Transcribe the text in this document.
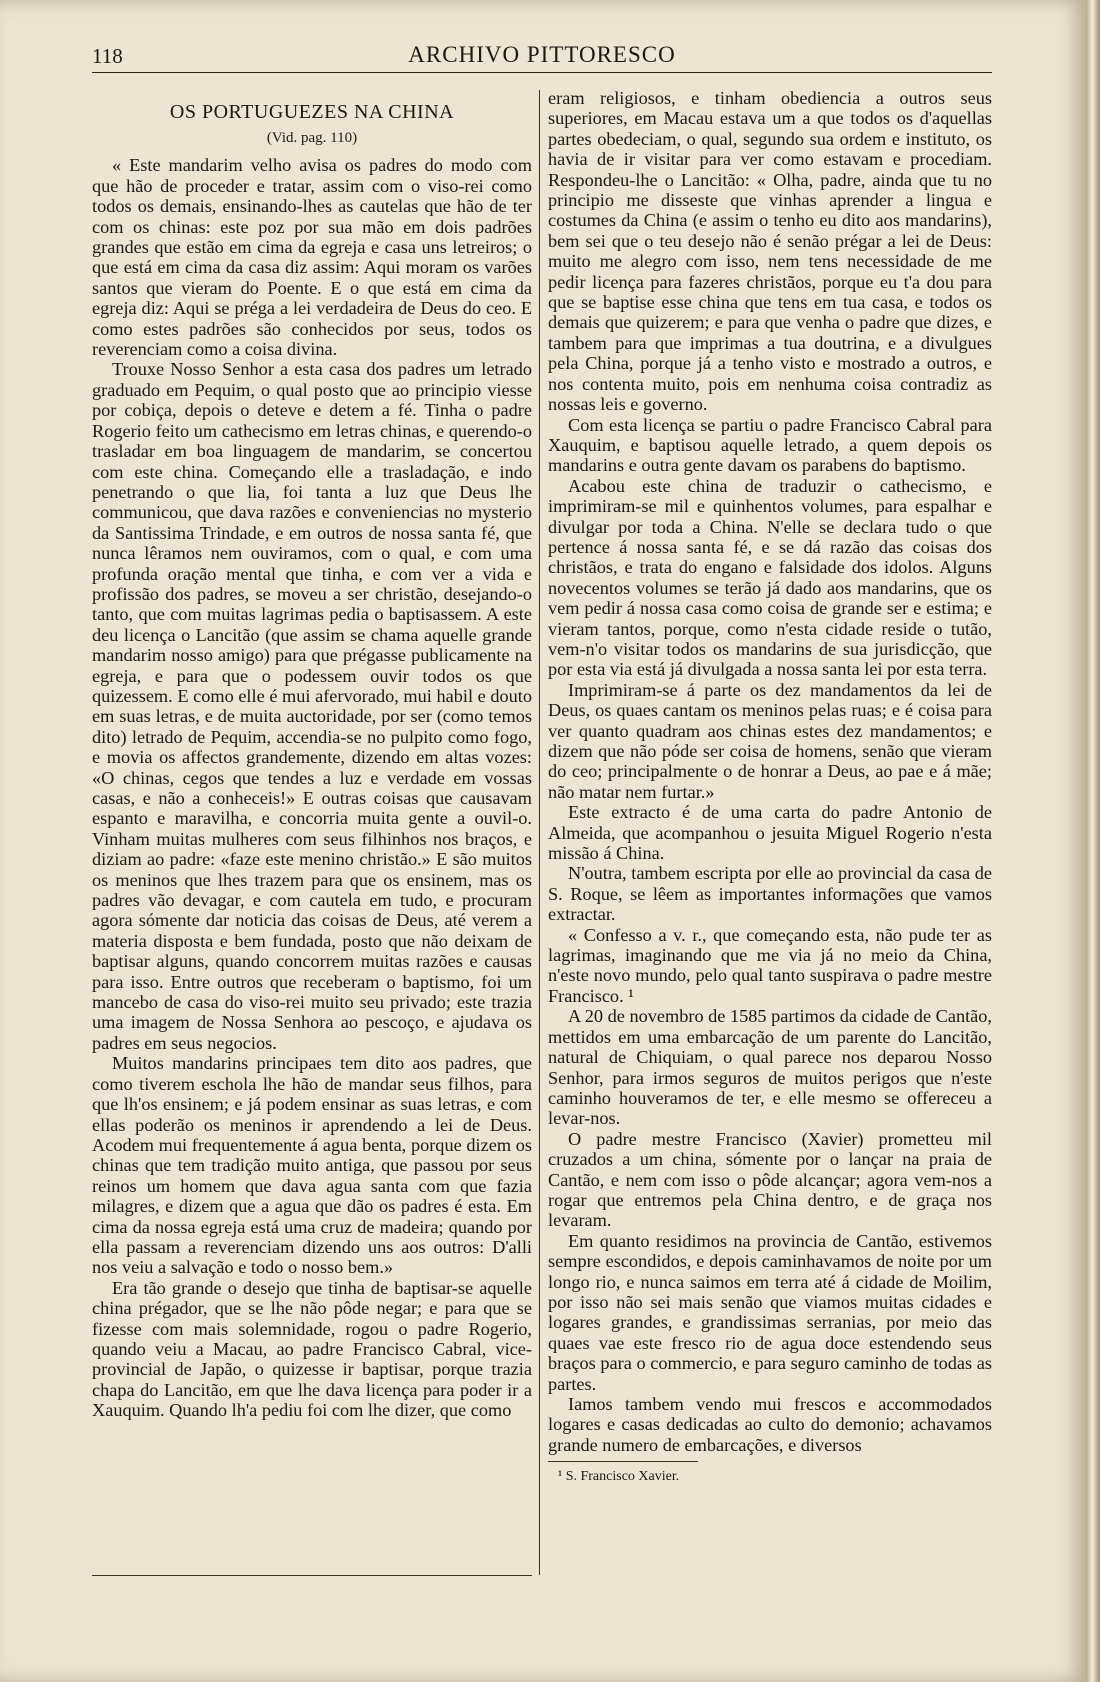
118	ARCHIVO PITTORESCO
OS PORTUGUEZES NA CHINA
(Vid. pag. 110)

« Este mandarim velho avisa os padres do modo com que hão de proceder e tratar, assim com o viso-rei como todos os demais, ensinando-lhes as cautelas que hão de ter com os chinas: este poz por sua mão em dois padrões grandes que estão em cima da egreja e casa uns letreiros; o que está em cima da casa diz assim: Aqui moram os varões santos que vieram do Poente. E o que está em cima da egreja diz: Aqui se préga a lei verdadeira de Deus do ceo. E como estes padrões são conhecidos por seus, todos os reverenciam como a coisa divina.

Trouxe Nosso Senhor a esta casa dos padres um letrado graduado em Pequim, o qual posto que ao principio viesse por cobiça, depois o deteve e detem a fé. Tinha o padre Rogerio feito um cathecismo em letras chinas, e querendo-o trasladar em boa linguagem de mandarim, se concertou com este china. Começando elle a trasladação, e indo penetrando o que lia, foi tanta a luz que Deus lhe communicou, que dava razões e conveniencias no mysterio da Santissima Trindade, e em outros de nossa santa fé, que nunca lêramos nem ouviramos, com o qual, e com uma profunda oração mental que tinha, e com ver a vida e profissão dos padres, se moveu a ser christão, desejando-o tanto, que com muitas lagrimas pedia o baptisassem. A este deu licença o Lancitão (que assim se chama aquelle grande mandarim nosso amigo) para que prégasse publicamente na egreja, e para que o podessem ouvir todos os que quizessem. E como elle é mui afervorado, mui habil e douto em suas letras, e de muita auctoridade, por ser (como temos dito) letrado de Pequim, accendia-se no pulpito como fogo, e movia os affectos grandemente, dizendo em altas vozes: «O chinas, cegos que tendes a luz e verdade em vossas casas, e não a conheceis!» E outras coisas que causavam espanto e maravilha, e concorria muita gente a ouvil-o. Vinham muitas mulheres com seus filhinhos nos braços, e diziam ao padre: «faze este menino christão.» E são muitos os meninos que lhes trazem para que os ensinem, mas os padres vão devagar, e com cautela em tudo, e procuram agora sómente dar noticia das coisas de Deus, até verem a materia disposta e bem fundada, posto que não deixam de baptisar alguns, quando concorrem muitas razões e causas para isso. Entre outros que receberam o baptismo, foi um mancebo de casa do viso-rei muito seu privado; este trazia uma imagem de Nossa Senhora ao pescoço, e ajudava os padres em seus negocios.

Muitos mandarins principaes tem dito aos padres, que como tiverem eschola lhe hão de mandar seus filhos, para que lh'os ensinem; e já podem ensinar as suas letras, e com ellas poderão os meninos ir aprendendo a lei de Deus. Acodem mui frequentemente á agua benta, porque dizem os chinas que tem tradição muito antiga, que passou por seus reinos um homem que dava agua santa com que fazia milagres, e dizem que a agua que dão os padres é esta. Em cima da nossa egreja está uma cruz de madeira; quando por ella passam a reverenciam dizendo uns aos outros: D'alli nos veiu a salvação e todo o nosso bem.»

Era tão grande o desejo que tinha de baptisar-se aquelle china prégador, que se lhe não pôde negar; e para que se fizesse com mais solemnidade, rogou o padre Rogerio, quando veiu a Macau, ao padre Francisco Cabral, vice-provincial de Japão, o quizesse ir baptisar, porque trazia chapa do Lancitão, em que lhe dava licença para poder ir a Xauquim. Quando lh'a pediu foi com lhe dizer, que como

eram religiosos, e tinham obediencia a outros seus superiores, em Macau estava um a que todos os d'aquellas partes obedeciam, o qual, segundo sua ordem e instituto, os havia de ir visitar para ver como estavam e procediam. Respondeu-lhe o Lancitão: « Olha, padre, ainda que tu no principio me disseste que vinhas aprender a lingua e costumes da China (e assim o tenho eu dito aos mandarins), bem sei que o teu desejo não é senão prégar a lei de Deus: muito me alegro com isso, nem tens necessidade de me pedir licença para fazeres christãos, porque eu t'a dou para que se baptise esse china que tens em tua casa, e todos os demais que quizerem; e para que venha o padre que dizes, e tambem para que imprimas a tua doutrina, e a divulgues pela China, porque já a tenho visto e mostrado a outros, e nos contenta muito, pois em nenhuma coisa contradiz as nossas leis e governo.

Com esta licença se partiu o padre Francisco Cabral para Xauquim, e baptisou aquelle letrado, a quem depois os mandarins e outra gente davam os parabens do baptismo.

Acabou este china de traduzir o cathecismo, e imprimiram-se mil e quinhentos volumes, para espalhar e divulgar por toda a China. N'elle se declara tudo o que pertence á nossa santa fé, e se dá razão das coisas dos christãos, e trata do engano e falsidade dos idolos. Alguns novecentos volumes se terão já dado aos mandarins, que os vem pedir á nossa casa como coisa de grande ser e estima; e vieram tantos, porque, como n'esta cidade reside o tutão, vem-n'o visitar todos os mandarins de sua jurisdicção, que por esta via está já divulgada a nossa santa lei por esta terra.

Imprimiram-se á parte os dez mandamentos da lei de Deus, os quaes cantam os meninos pelas ruas; e é coisa para ver quanto quadram aos chinas estes dez mandamentos; e dizem que não póde ser coisa de homens, senão que vieram do ceo; principalmente o de honrar a Deus, ao pae e á mãe; não matar nem furtar.»

Este extracto é de uma carta do padre Antonio de Almeida, que acompanhou o jesuita Miguel Rogerio n'esta missão á China.

N'outra, tambem escripta por elle ao provincial da casa de S. Roque, se lêem as importantes informações que vamos extractar.

« Confesso a v. r., que começando esta, não pude ter as lagrimas, imaginando que me via já no meio da China, n'este novo mundo, pelo qual tanto suspirava o padre mestre Francisco. ¹

A 20 de novembro de 1585 partimos da cidade de Cantão, mettidos em uma embarcação de um parente do Lancitão, natural de Chiquiam, o qual parece nos deparou Nosso Senhor, para irmos seguros de muitos perigos que n'este caminho houveramos de ter, e elle mesmo se offereceu a levar-nos.

O padre mestre Francisco (Xavier) prometteu mil cruzados a um china, sómente por o lançar na praia de Cantão, e nem com isso o pôde alcançar; agora vem-nos a rogar que entremos pela China dentro, e de graça nos levaram.

Em quanto residimos na provincia de Cantão, estivemos sempre escondidos, e depois caminhavamos de noite por um longo rio, e nunca saimos em terra até á cidade de Moilim, por isso não sei mais senão que viamos muitas cidades e logares grandes, e grandissimas serranias, por meio das quaes vae este fresco rio de agua doce estendendo seus braços para o commercio, e para seguro caminho de todas as partes.

Iamos tambem vendo mui frescos e accommodados logares e casas dedicadas ao culto do demonio; achavamos grande numero de embarcações, e diversos

¹ S. Francisco Xavier.
